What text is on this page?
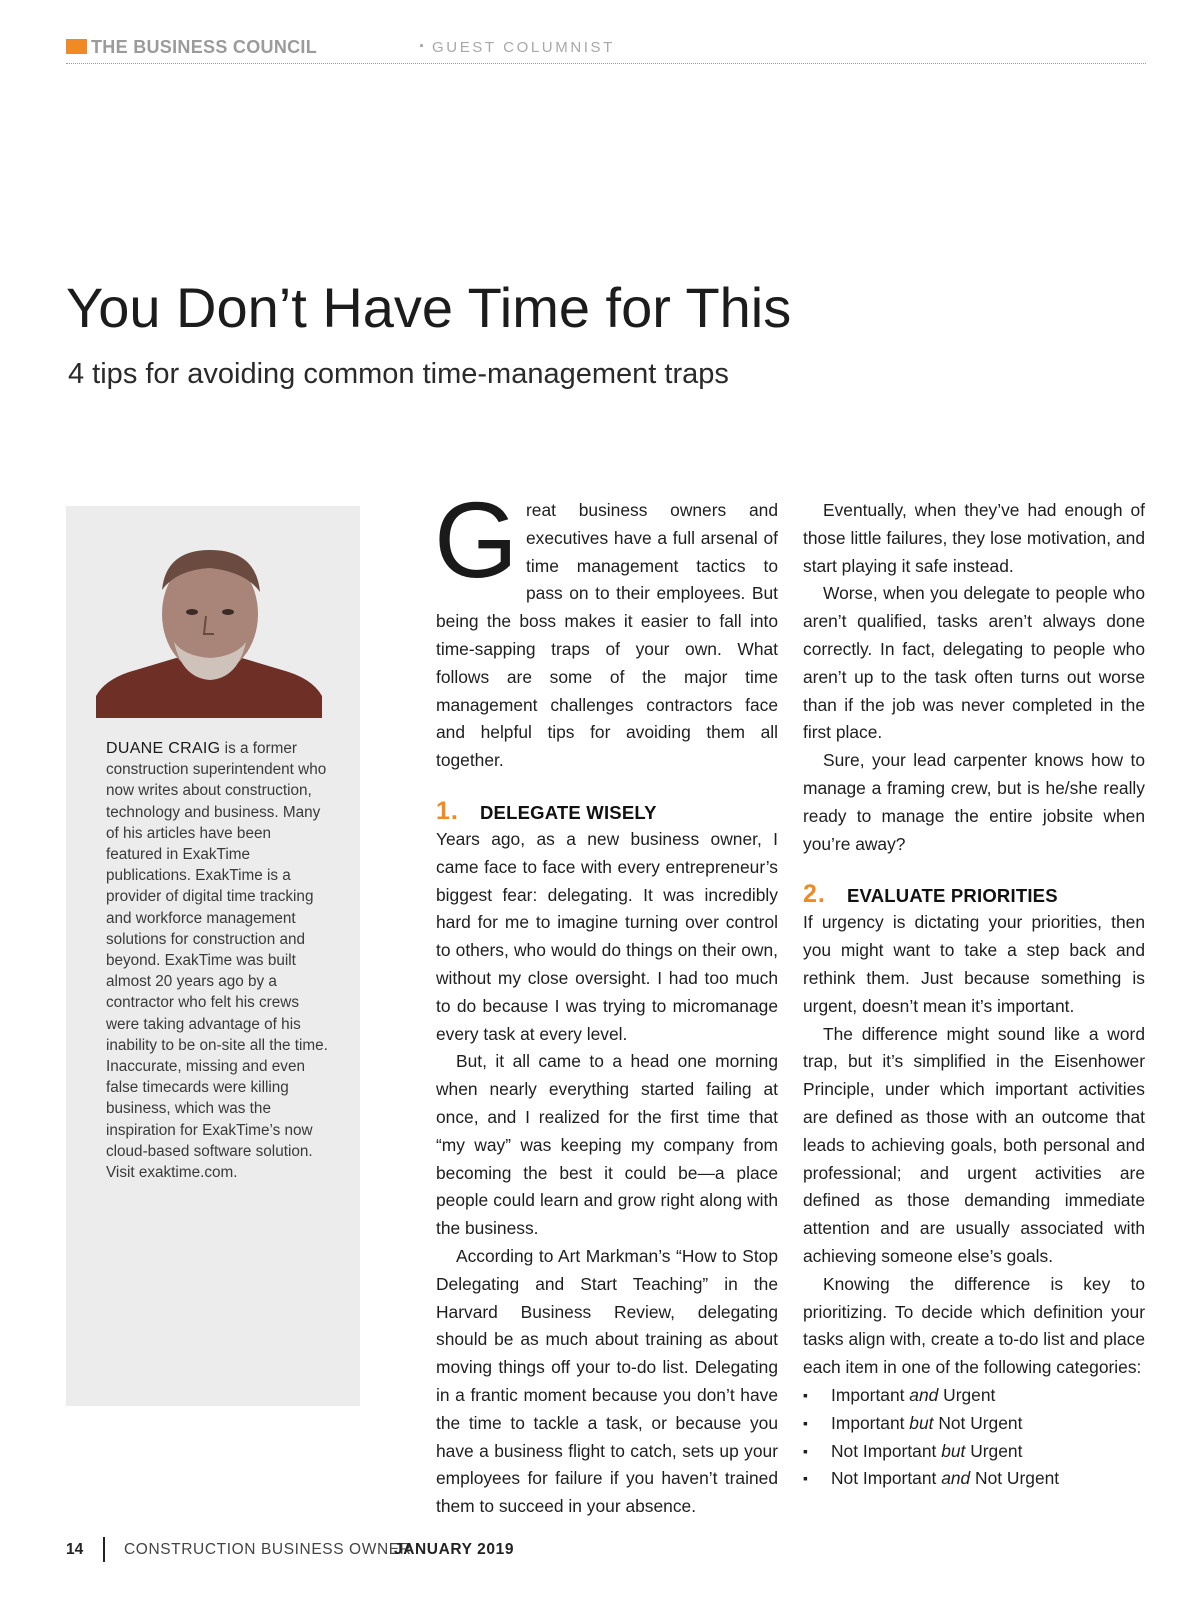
THE BUSINESS COUNCIL	· GUEST COLUMNIST
You Don’t Have Time for This
4 tips for avoiding common time-management traps
DUANE CRAIG is a former construction superintendent who now writes about construction, technology and business. Many of his articles have been featured in ExakTime publications. ExakTime is a provider of digital time tracking and workforce management solutions for construction and beyond. ExakTime was built almost 20 years ago by a contractor who felt his crews were taking advantage of his inability to be on-site all the time. Inaccurate, missing and even false timecards were killing business, which was the inspiration for ExakTime’s now cloud-based software solution. Visit exaktime.com.

Great business owners and executives have a full arsenal of time management tactics to pass on to their employees. But being the boss makes it easier to fall into time-sapping traps of your own. What follows are some of the major time management challenges contractors face and helpful tips for avoiding them all together.

1.	DELEGATE WISELY

Years ago, as a new business owner, I came face to face with every entrepreneur’s biggest fear: delegating. It was incredibly hard for me to imagine turning over control to others, who would do things on their own, without my close oversight. I had too much to do because I was trying to micromanage every task at every level.

But, it all came to a head one morning when nearly everything started failing at once, and I realized for the first time that “my way” was keeping my company from becoming the best it could be—a place people could learn and grow right along with the business.

According to Art Markman’s “How to Stop Delegating and Start Teaching” in the Harvard Business Review, delegating should be as much about training as about moving things off your to-do list. Delegating in a frantic moment because you don’t have the time to tackle a task, or because you have a business flight to catch, sets up your employees for failure if you haven’t trained them to succeed in your absence.

Eventually, when they’ve had enough of those little failures, they lose motivation, and start playing it safe instead.

Worse, when you delegate to people who aren’t qualified, tasks aren’t always done correctly. In fact, delegating to people who aren’t up to the task often turns out worse than if the job was never completed in the first place.

Sure, your lead carpenter knows how to manage a framing crew, but is he/she really ready to manage the entire jobsite when you’re away?

2.	EVALUATE PRIORITIES

If urgency is dictating your priorities, then you might want to take a step back and rethink them. Just because something is urgent, doesn’t mean it’s important.

The difference might sound like a word trap, but it’s simplified in the Eisenhower Principle, under which important activities are defined as those with an outcome that leads to achieving goals, both personal and professional; and urgent activities are defined as those demanding immediate attention and are usually associated with achieving someone else’s goals.

Knowing the difference is key to prioritizing. To decide which definition your tasks align with, create a to-do list and place each item in one of the following categories:

▪ Important and Urgent
▪ Important but Not Urgent
▪ Not Important but Urgent
▪ Not Important and Not Urgent
14	CONSTRUCTION BUSINESS OWNER
JANUARY 2019
